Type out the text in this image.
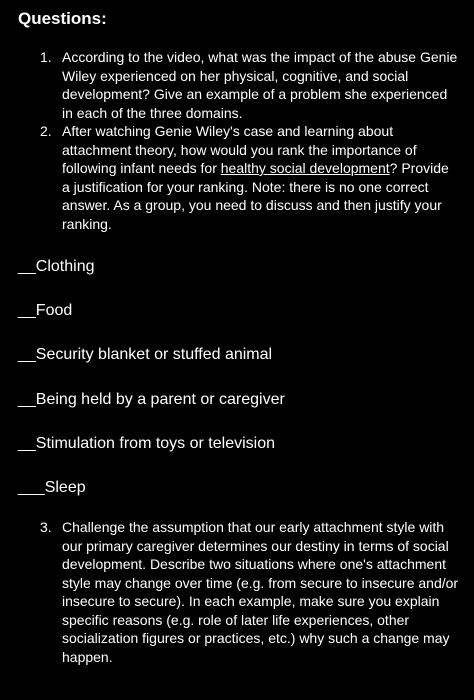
Questions:
1. According to the video, what was the impact of the abuse Genie Wiley experienced on her physical, cognitive, and social development? Give an example of a problem she experienced in each of the three domains.
2. After watching Genie Wiley's case and learning about attachment theory, how would you rank the importance of following infant needs for healthy social development? Provide a justification for your ranking. Note: there is no one correct answer. As a group, you need to discuss and then justify your ranking.
__Clothing
__Food
__Security blanket or stuffed animal
__Being held by a parent or caregiver
__Stimulation from toys or television
___Sleep
3. Challenge the assumption that our early attachment style with our primary caregiver determines our destiny in terms of social development. Describe two situations where one's attachment style may change over time (e.g. from secure to insecure and/or insecure to secure). In each example, make sure you explain specific reasons (e.g. role of later life experiences, other socialization figures or practices, etc.) why such a change may happen.
